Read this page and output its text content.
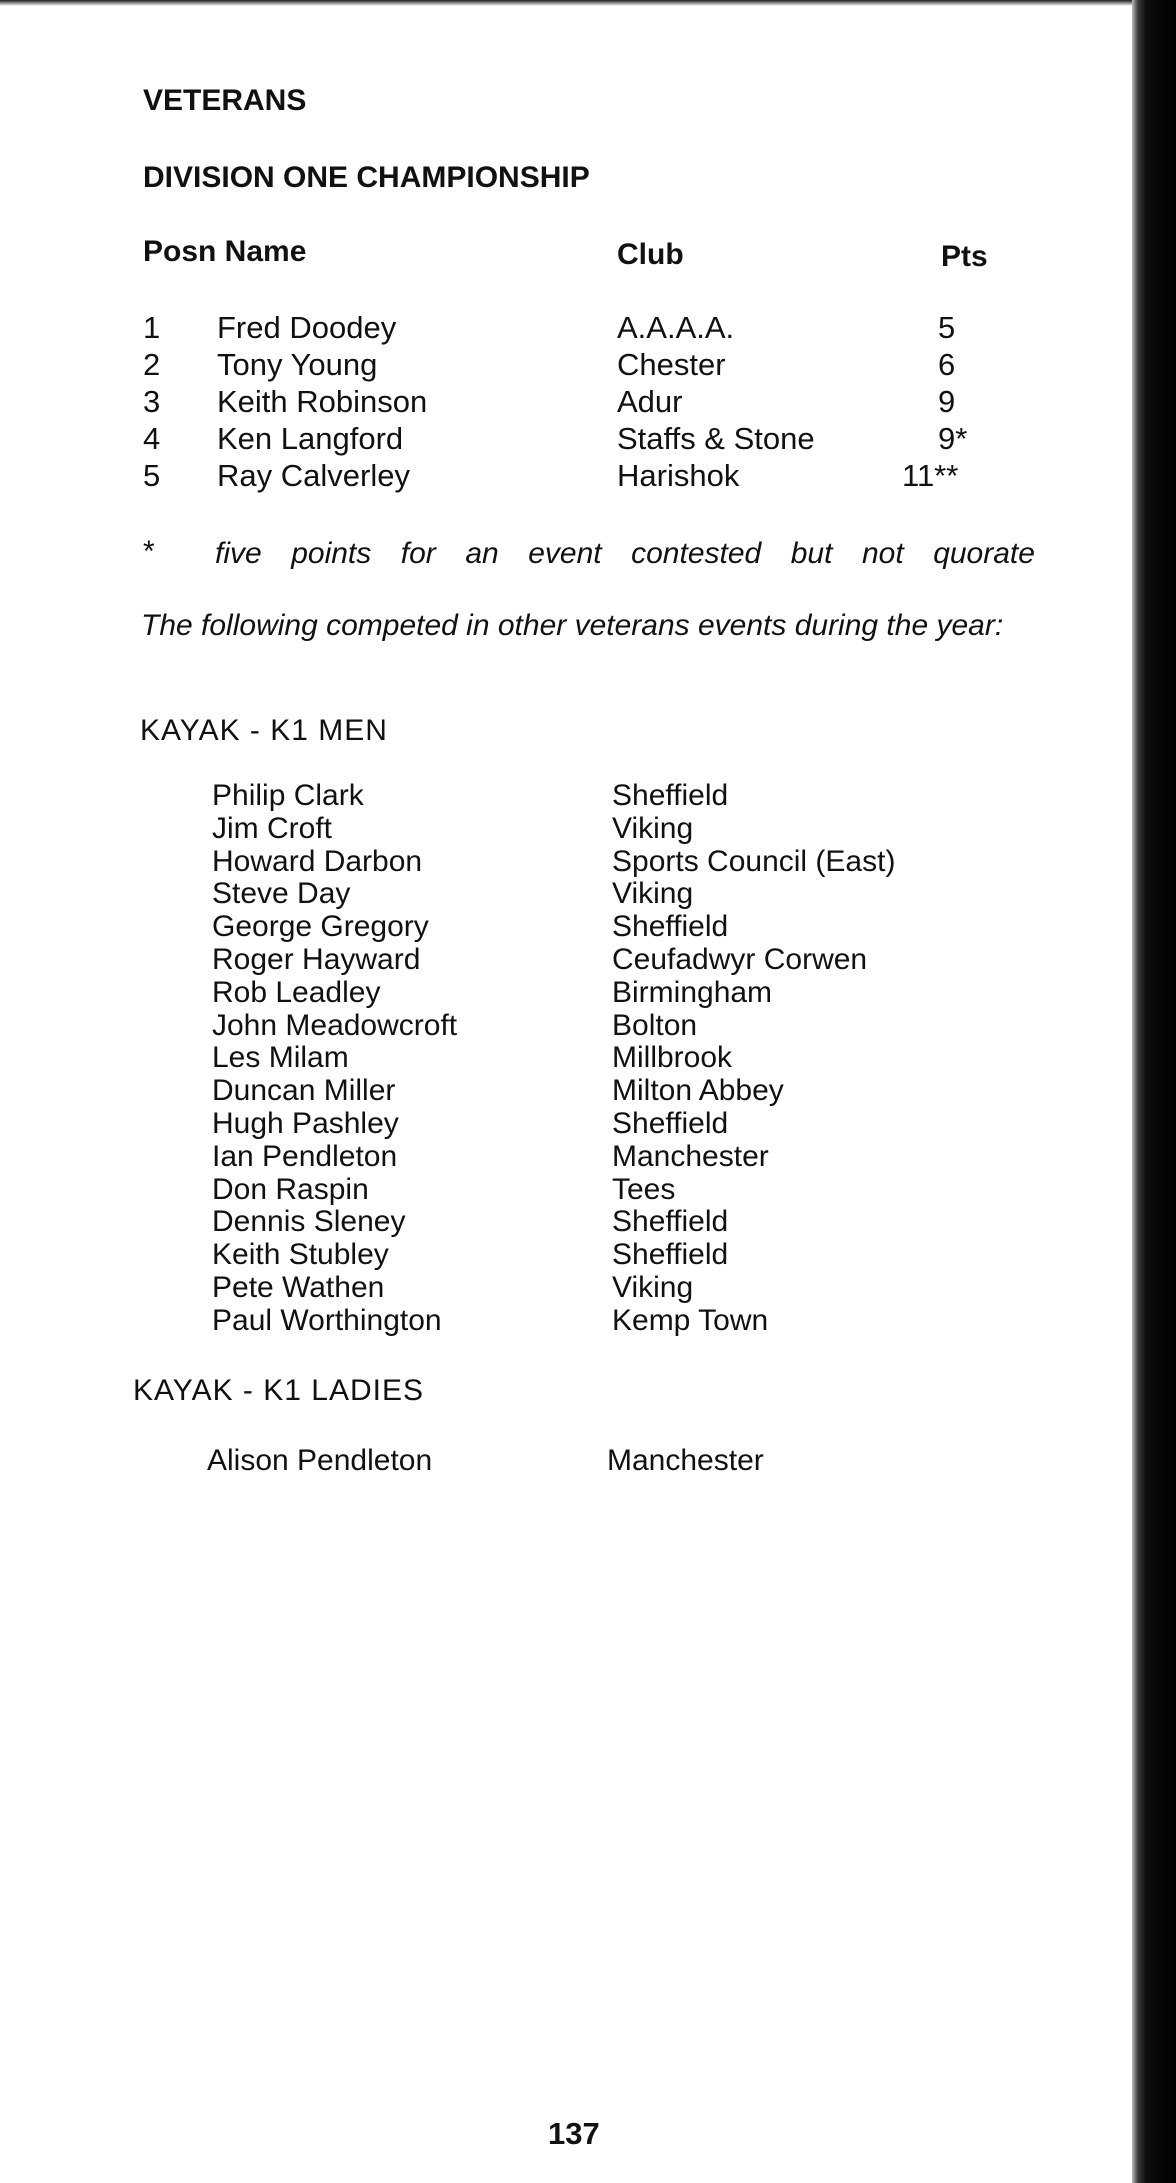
VETERANS
DIVISION ONE CHAMPIONSHIP
Posn Name	Club	Pts
1 Fred Doodey	A.A.A.A.	5
2 Tony Young	Chester	6
3 Keith Robinson	Adur	9
4 Ken Langford	Staffs & Stone	9*
5 Ray Calverley	Harishok	11**
* five points for an event contested but not quorate
The following competed in other veterans events during the year:
KAYAK - K1 MEN
Philip Clark	Sheffield
Jim Croft	Viking
Howard Darbon	Sports Council (East)
Steve Day	Viking
George Gregory	Sheffield
Roger Hayward	Ceufadwyr Corwen
Rob Leadley	Birmingham
John Meadowcroft	Bolton
Les Milam	Millbrook
Duncan Miller	Milton Abbey
Hugh Pashley	Sheffield
Ian Pendleton	Manchester
Don Raspin	Tees
Dennis Sleney	Sheffield
Keith Stubley	Sheffield
Pete Wathen	Viking
Paul Worthington	Kemp Town
KAYAK - K1 LADIES
Alison Pendleton	Manchester
137
